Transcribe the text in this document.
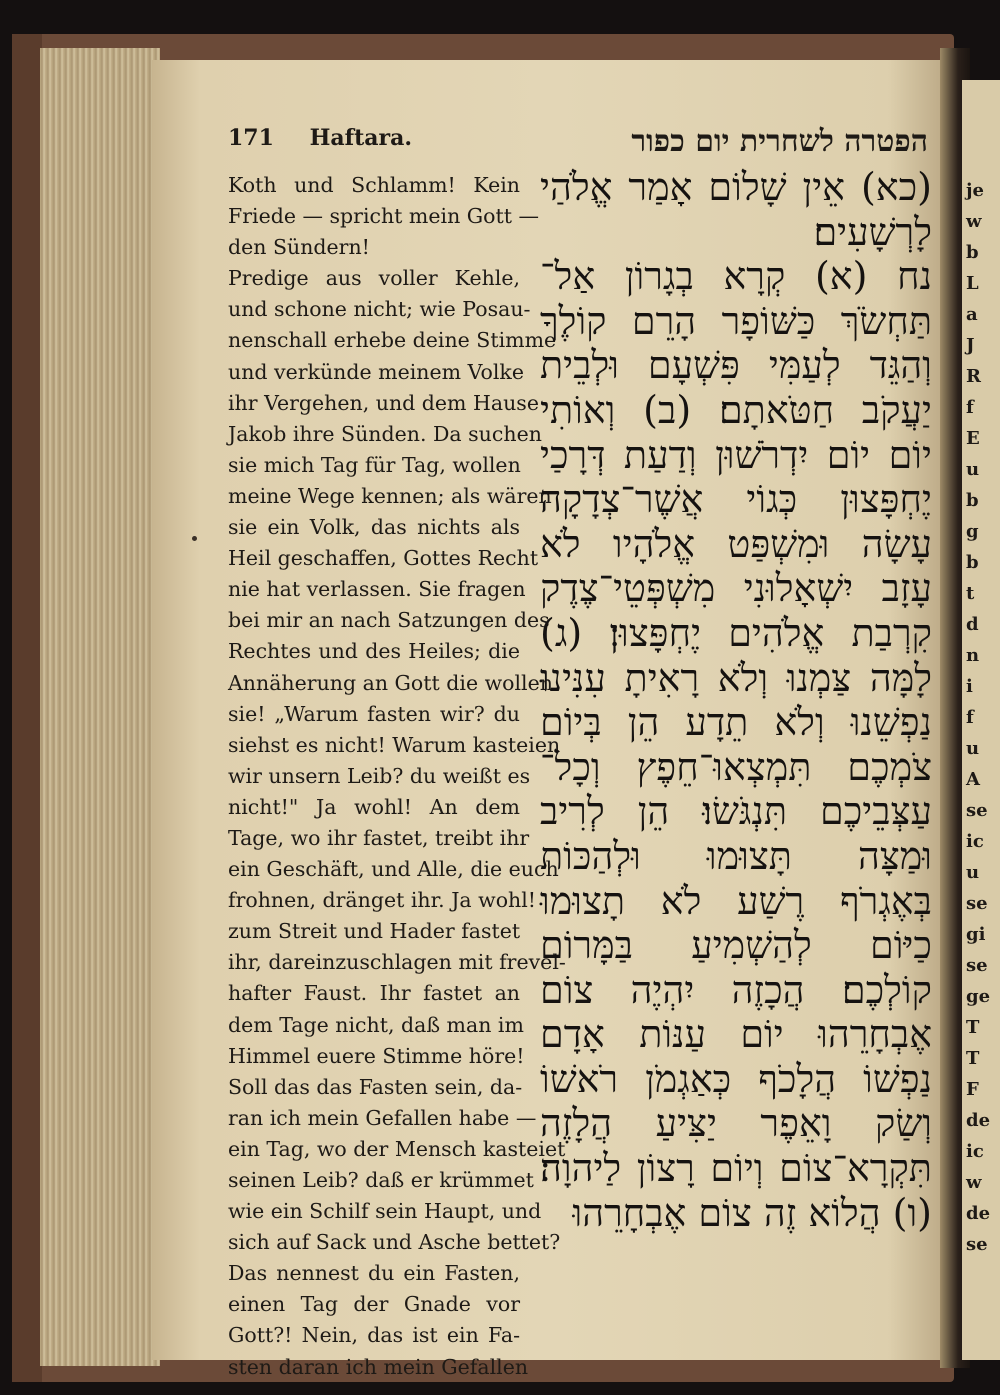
je
w
b
L
a
J
R
f
E
u
b
g
b
t
d
n
i
f
u
A
se
ic
u
se
gi
se
ge
T
T
F
de
ic
w
de
se
171 Haftara.	הפטרה לשחרית יום כפור
Koth und Schlamm! Kein
Friede — spricht mein Gott —
den Sündern!
Predige aus voller Kehle,
und schone nicht; wie Posau-
nenschall erhebe deine Stimme
und verkünde meinem Volke
ihr Vergehen, und dem Hause
Jakob ihre Sünden. Da suchen
sie mich Tag für Tag, wollen
meine Wege kennen; als wären
sie ein Volk, das nichts als
Heil geschaffen, Gottes Recht
nie hat verlassen. Sie fragen
bei mir an nach Satzungen des
Rechtes und des Heiles; die
Annäherung an Gott die wollen
sie! „Warum fasten wir? du
siehst es nicht! Warum kasteien
wir unsern Leib? du weißt es
nicht!" Ja wohl! An dem
Tage, wo ihr fastet, treibt ihr
ein Geschäft, und Alle, die euch
frohnen, dränget ihr. Ja wohl!
zum Streit und Hader fastet
ihr, dareinzuschlagen mit frevel-
hafter Faust. Ihr fastet an
dem Tage nicht, daß man im
Himmel euere Stimme höre!
Soll das das Fasten sein, da-
ran ich mein Gefallen habe —
ein Tag, wo der Mensch kasteiet
seinen Leib? daß er krümmet
wie ein Schilf sein Haupt, und
sich auf Sack und Asche bettet?
Das nennest du ein Fasten,
einen Tag der Gnade vor
Gott?! Nein, das ist ein Fa-
sten daran ich mein Gefallen
(כא) אֵין שָׁלוֹם אָמַר אֱלֹהַי
לָרְשָׁעִים׃
נח (א) קְרָא בְגָרוֹן אַל־
תַּחְשֹׂךְ כַּשּׁוֹפָר הָרֵם קוֹלֶךָ
וְהַגֵּד לְעַמִּי פִּשְׁעָם וּלְבֵית
יַעֲקֹב חַטֹּאתָם׃ (ב) וְאוֹתִי
יוֹם יוֹם יִדְרֹשׁוּן וְדַעַת דְּרָכַי
יֶחְפָּצוּן כְּגוֹי אֲשֶׁר־צְדָקָה
עָשָׂה וּמִשְׁפַּט אֱלֹהָיו לֹא
עָזָב יִשְׁאָלוּנִי מִשְׁפְּטֵי־צֶדֶק
קִרְבַת אֱלֹהִים יֶחְפָּצוּן׃ (ג)
לָמָּה צַּמְנוּ וְלֹא רָאִיתָ עִנִּינוּ
נַפְשֵׁנוּ וְלֹא תֵדָע הֵן בְּיוֹם
צֹמְכֶם תִּמְצְאוּ־חֵפֶץ וְכָל־
עַצְּבֵיכֶם תִּנְגֹּשׂוּ׃ הֵן לְרִיב
וּמַצָּה תָּצוּמוּ וּלְהַכּוֹת
בְּאֶגְרֹף רֶשַׁע לֹא תָצוּמוּ
כַיּוֹם לְהַשְׁמִיעַ בַּמָּרוֹם
קוֹלְכֶם׃ הֲכָזֶה יִהְיֶה צוֹם
אֶבְחָרֵהוּ יוֹם עַנּוֹת אָדָם
נַפְשׁוֹ הֲלָכֹף כְּאַגְמֹן רֹאשׁוֹ
וְשַׂק וָאֵפֶר יַצִּיעַ הֲלָזֶה
תִּקְרָא־צוֹם וְיוֹם רָצוֹן לַיהוָה׃
(ו) הֲלוֹא זֶה צוֹם אֶבְחָרֵהוּ
